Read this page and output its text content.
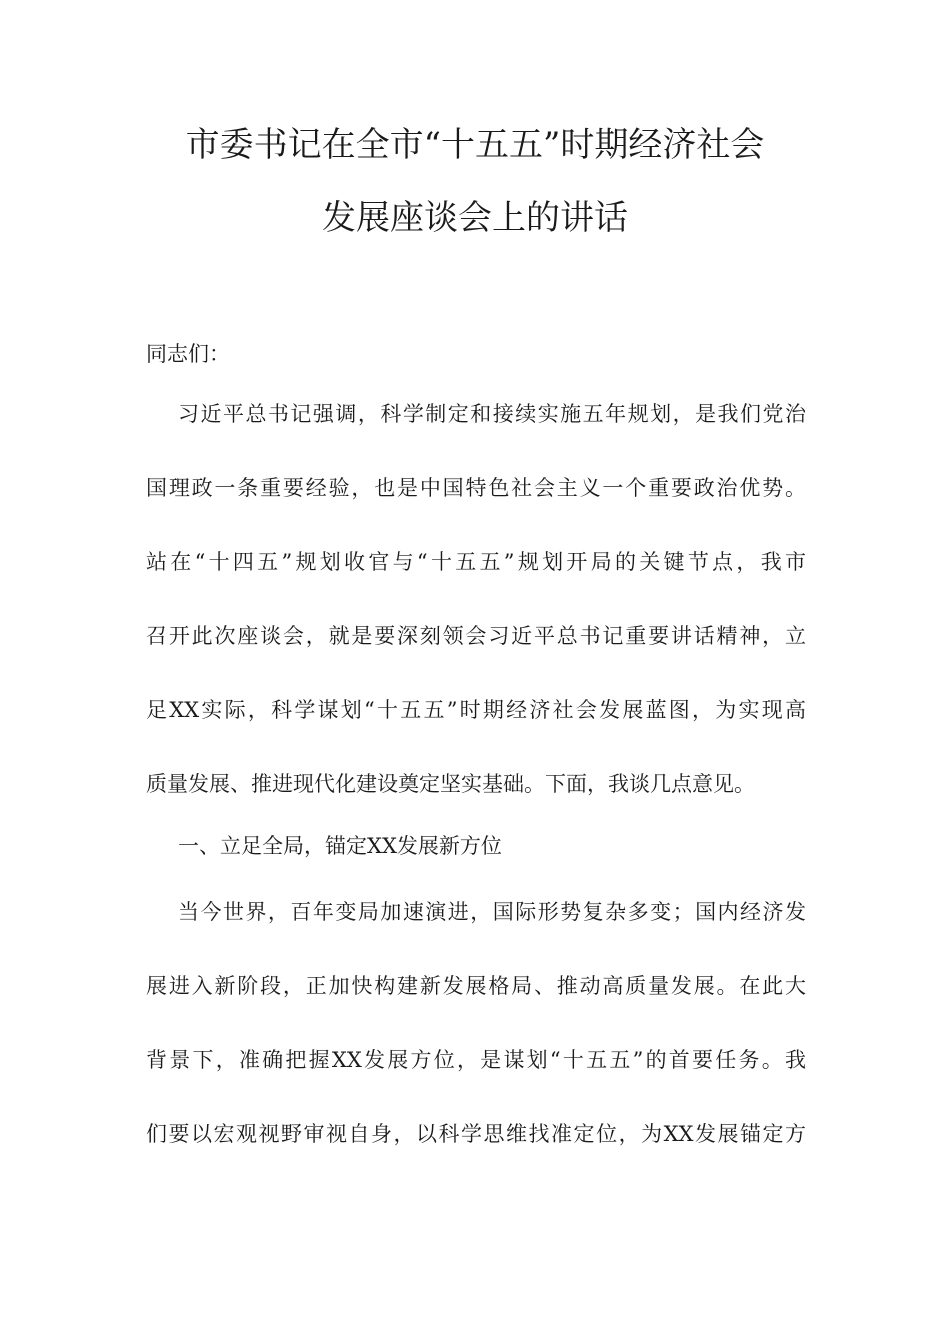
市委书记在全市“十五五”时期经济社会
发展座谈会上的讲话
同志们：
习近平总书记强调，科学制定和接续实施五年规划，是我们党治
国理政一条重要经验，也是中国特色社会主义一个重要政治优势。
站在“十四五”规划收官与“十五五”规划开局的关键节点，我市
召开此次座谈会，就是要深刻领会习近平总书记重要讲话精神，立
足XX实际，科学谋划“十五五”时期经济社会发展蓝图，为实现高
质量发展、推进现代化建设奠定坚实基础。下面，我谈几点意见。
一、立足全局，锚定XX发展新方位
当今世界，百年变局加速演进，国际形势复杂多变；国内经济发
展进入新阶段，正加快构建新发展格局、推动高质量发展。在此大
背景下，准确把握XX发展方位，是谋划“十五五”的首要任务。我
们要以宏观视野审视自身，以科学思维找准定位，为XX发展锚定方
